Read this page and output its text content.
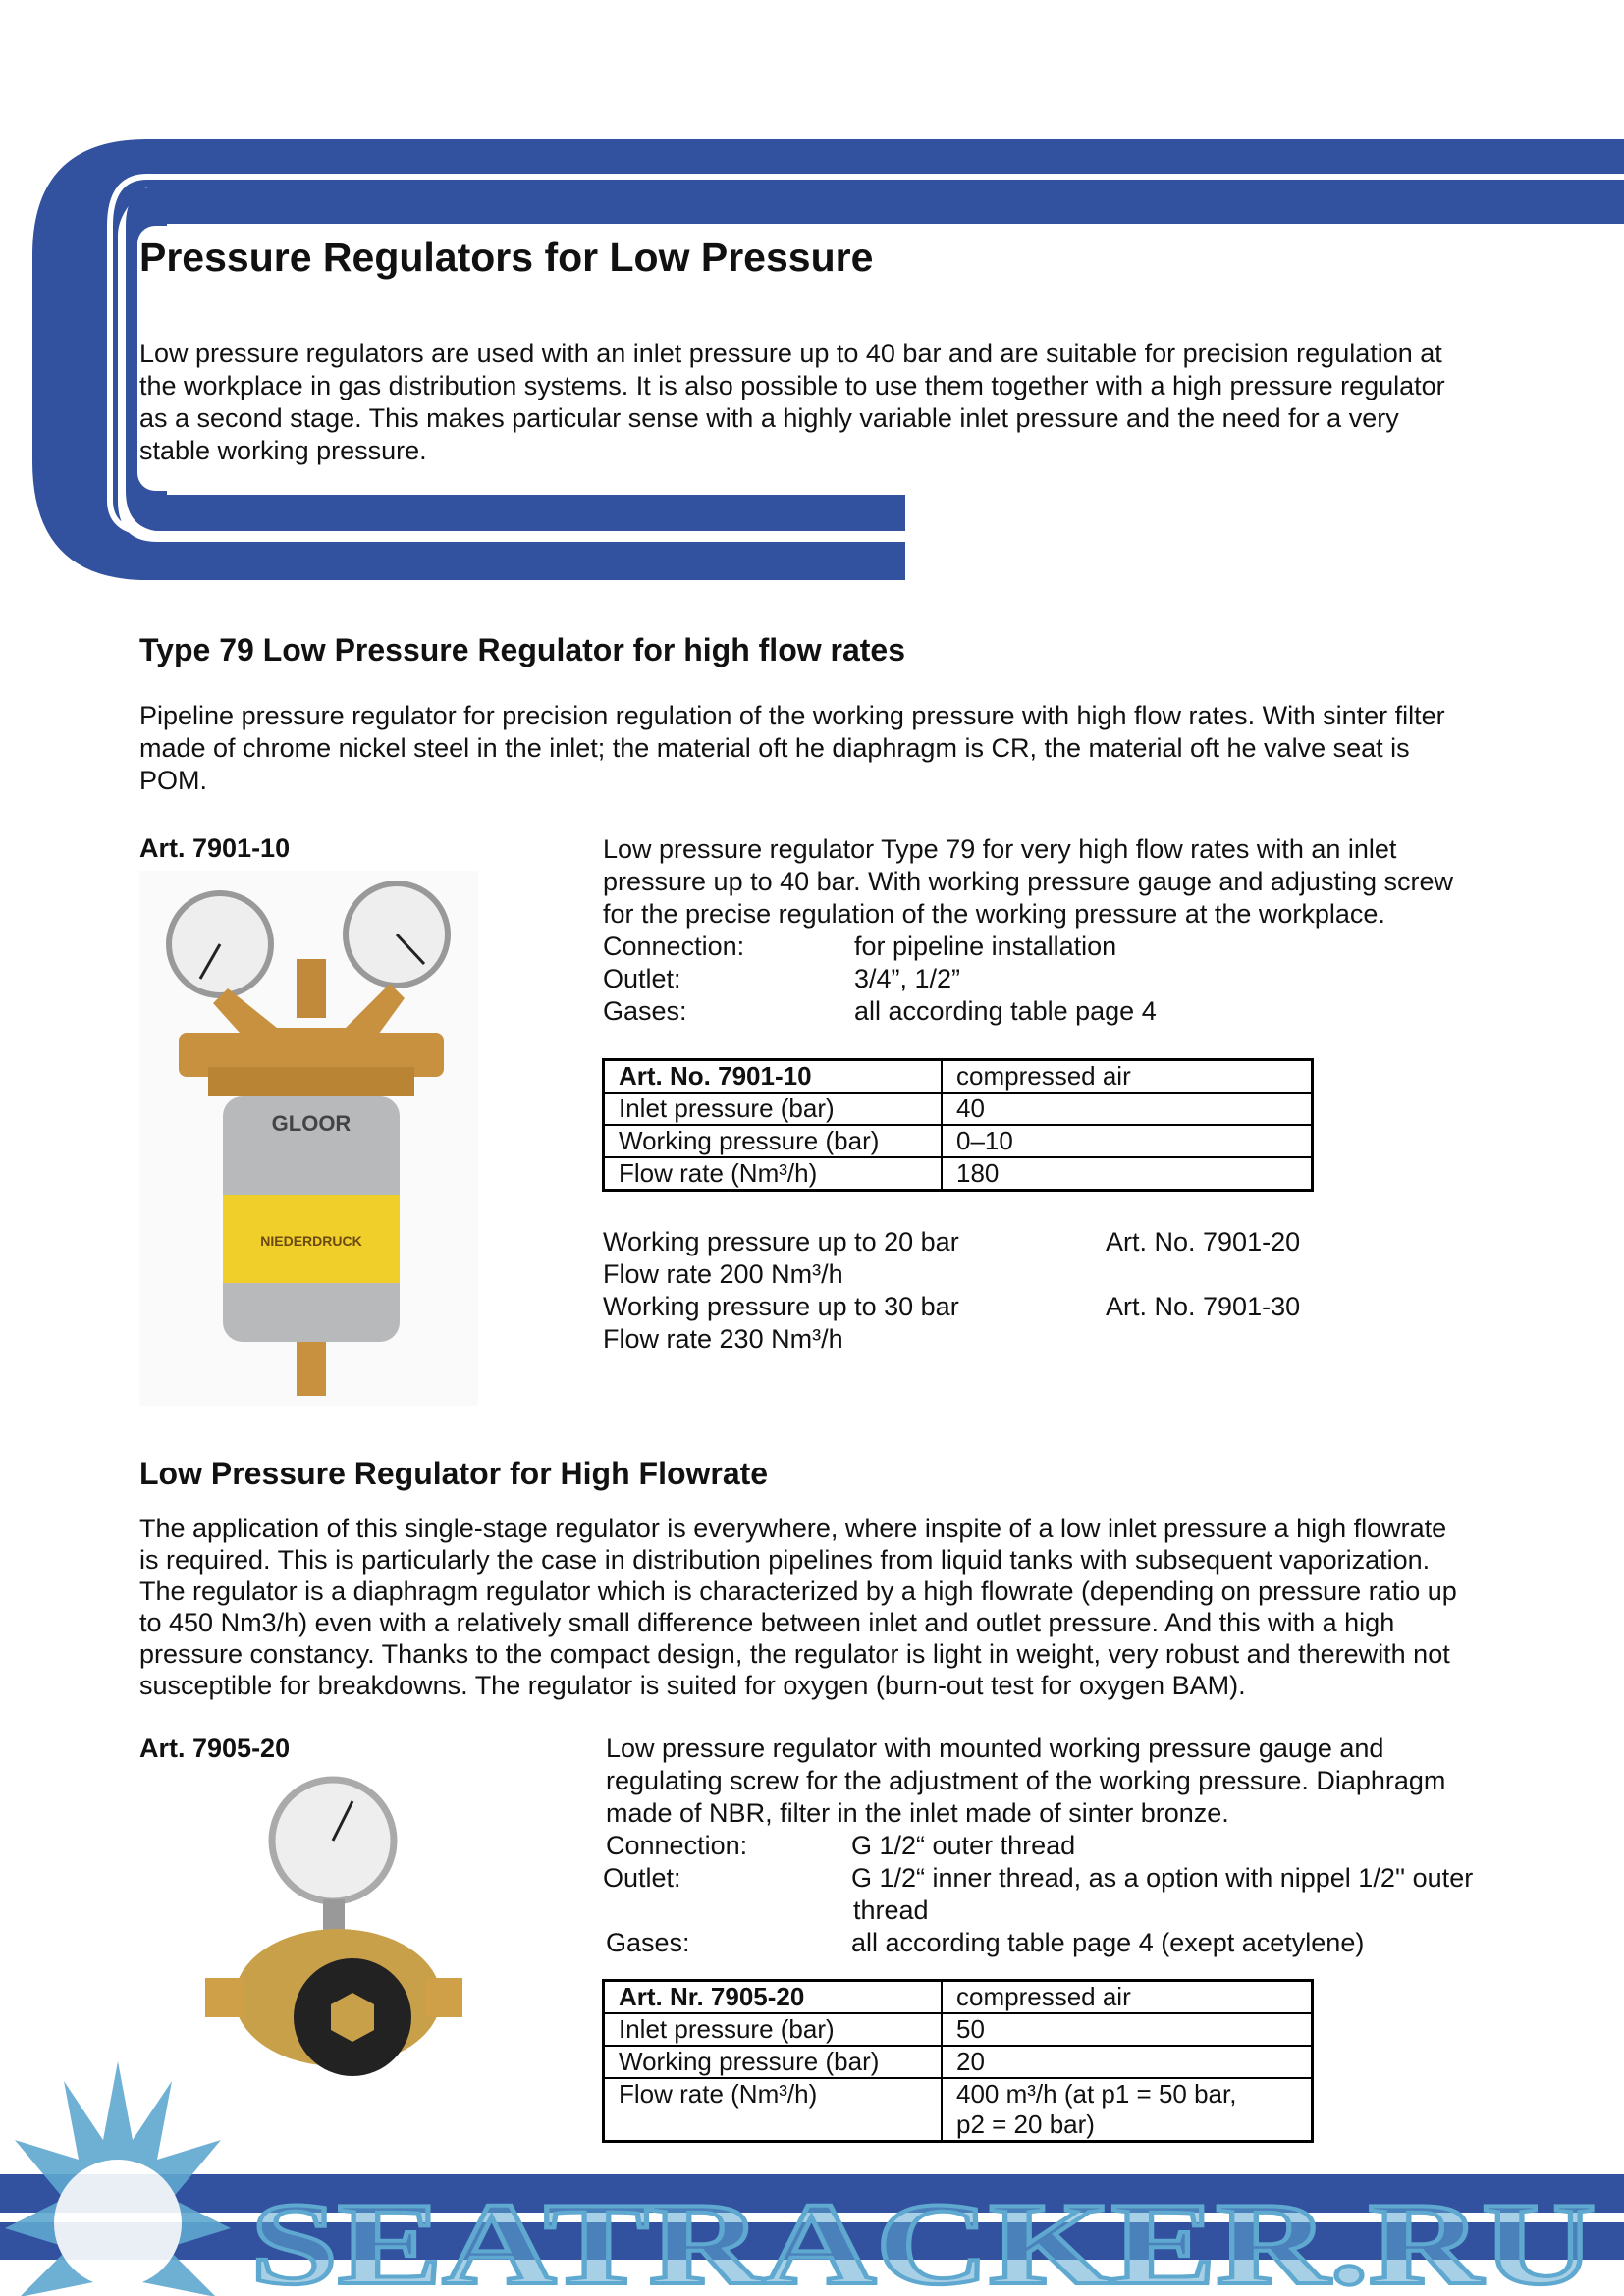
Pressure Regulators for Low Pressure
Low pressure regulators are used with an inlet pressure up to 40 bar and are suitable for precision regulation at
the workplace in gas distribution systems. It is also possible to use them together with a high pressure regulator
as a second stage. This makes particular sense with a highly variable inlet pressure and the need for a very
stable working pressure.
Type 79 Low Pressure Regulator for high flow rates
Pipeline pressure regulator for precision regulation of the working pressure with high flow rates. With sinter filter
made of chrome nickel steel in the inlet; the material oft he diaphragm is CR, the material oft he valve seat is
POM.
Art. 7901-10
GLOOR
NIEDERDRUCK
Low pressure regulator Type 79 for very high flow rates with an inlet
pressure up to 40 bar. With working pressure gauge and adjusting screw
for the precise regulation of the working pressure at the workplace.
Connection:	for pipeline installation
Outlet:	3/4”, 1/2”
Gases:	all according table page 4
Art. No. 7901-10	compressed air
Inlet pressure (bar)	40
Working pressure (bar)	0–10
Flow rate (Nm³/h)	180
Working pressure up to 20 bar	Art. No. 7901-20
Flow rate 200 Nm³/h
Working pressure up to 30 bar	Art. No. 7901-30
Flow rate 230 Nm³/h
Low Pressure Regulator for High Flowrate
The application of this single-stage regulator is everywhere, where inspite of a low inlet pressure a high flowrate
is required. This is particularly the case in distribution pipelines from liquid tanks with subsequent vaporization.
The regulator is a diaphragm regulator which is characterized by a high flowrate (depending on pressure ratio up
to 450 Nm3/h) even with a relatively small difference between inlet and outlet pressure. And this with a high
pressure constancy. Thanks to the compact design, the regulator is light in weight, very robust and therewith not
susceptible for breakdowns. The regulator is suited for oxygen (burn-out test for oxygen BAM).
Art. 7905-20	Low pressure regulator with mounted working pressure gauge and
regulating screw for the adjustment of the working pressure. Diaphragm
made of NBR, filter in the inlet made of sinter bronze.
Connection:	G 1/2“ outer thread
Outlet:	G 1/2“ inner thread, as a option with nippel 1/2'' outer
thread
Gases:	all according table page 4 (exept acetylene)
Art. Nr. 7905-20	compressed air
Inlet pressure (bar)	50
Working pressure (bar)	20
Flow rate (Nm³/h)	400 m³/h (at p1 = 50 bar,
p2 = 20 bar)
SEATRACKER.RU
